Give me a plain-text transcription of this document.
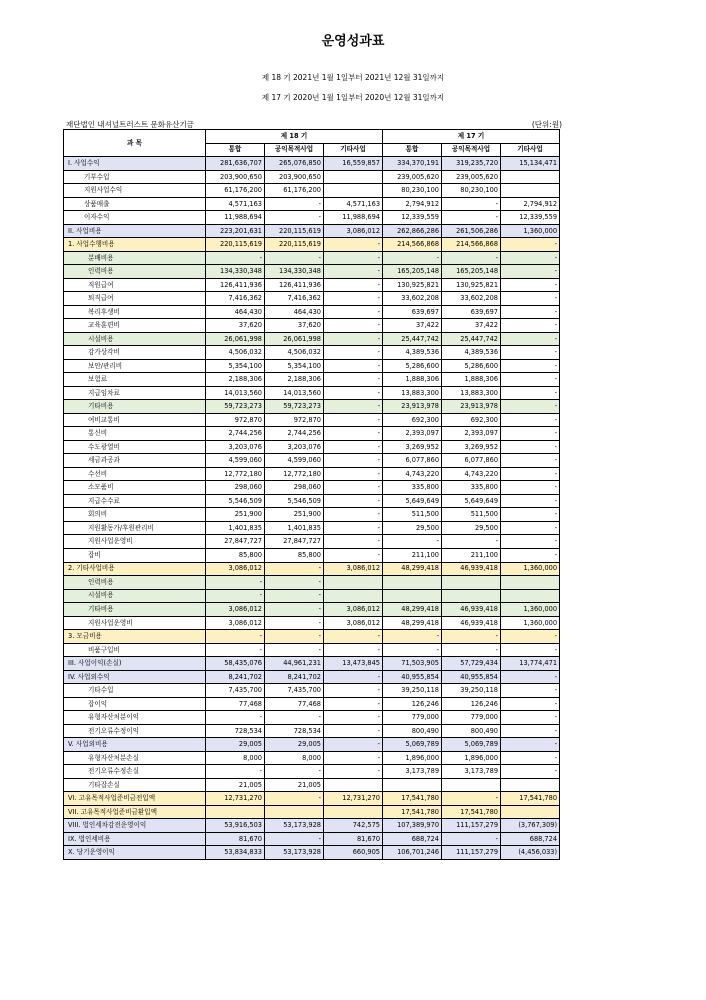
운영성과표
제 18 기 2021년 1월 1일부터 2021년 12월 31일까지
제 17 기 2020년 1월 1일부터 2020년 12월 31일까지
재단법인 내셔널트러스트 문화유산기금	(단위:원)
과 목	제 18 기			제 17 기		
	통합	공익목적사업	기타사업	통합	공익목적사업	기타사업
I. 사업수익	281,636,707	265,076,850	16,559,857	334,370,191	319,235,720	15,134,471
기부수입	203,900,650	203,900,650		239,005,620	239,005,620	
지원사업수익	61,176,200	61,176,200		80,230,100	80,230,100	
상품매출	4,571,163	-	4,571,163	2,794,912	-	2,794,912
이자수익	11,988,694	-	11,988,694	12,339,559	-	12,339,559
II. 사업비용	223,201,631	220,115,619	3,086,012	262,866,286	261,506,286	1,360,000
1. 사업수행비용	220,115,619	220,115,619	-	214,566,868	214,566,868	-
분배비용	-	-	-	-	-	-
인력비용	134,330,348	134,330,348	-	165,205,148	165,205,148	-
직원급여	126,411,936	126,411,936	-	130,925,821	130,925,821	-
퇴직급여	7,416,362	7,416,362	-	33,602,208	33,602,208	-
복리후생비	464,430	464,430	-	639,697	639,697	-
교육훈련비	37,620	37,620	-	37,422	37,422	-
시설비용	26,061,998	26,061,998	-	25,447,742	25,447,742	-
감가상각비	4,506,032	4,506,032	-	4,389,536	4,389,536	-
보안/관리비	5,354,100	5,354,100	-	5,286,600	5,286,600	-
보험료	2,188,306	2,188,306	-	1,888,306	1,888,306	-
지급임차료	14,013,560	14,013,560	-	13,883,300	13,883,300	-
기타비용	59,723,273	59,723,273	-	23,913,978	23,913,978	-
여비교통비	972,870	972,870	-	692,300	692,300	-
통신비	2,744,256	2,744,256	-	2,393,097	2,393,097	-
수도광열비	3,203,076	3,203,076	-	3,269,952	3,269,952	-
세금과공과	4,599,060	4,599,060	-	6,077,860	6,077,860	-
수선비	12,772,180	12,772,180	-	4,743,220	4,743,220	-
소모품비	298,060	298,060	-	335,800	335,800	-
지급수수료	5,546,509	5,546,509	-	5,649,649	5,649,649	-
회의비	251,900	251,900	-	511,500	511,500	-
지원활동가/후원관리비	1,401,835	1,401,835	-	29,500	29,500	-
지원사업운영비	27,847,727	27,847,727	-	-	-	-
잡비	85,800	85,800	-	211,100	211,100	-
2. 기타사업비용	3,086,012	-	3,086,012	48,299,418	46,939,418	1,360,000
인력비용	-	-				
시설비용	-	-				
기타비용	3,086,012	-	3,086,012	48,299,418	46,939,418	1,360,000
지원사업운영비	3,086,012	-	3,086,012	48,299,418	46,939,418	1,360,000
3. 모금비용	-	-	-	-	-	-
비품구입비	-	-	-	-	-	-
III. 사업이익(손실)	58,435,076	44,961,231	13,473,845	71,503,905	57,729,434	13,774,471
IV. 사업외수익	8,241,702	8,241,702	-	40,955,854	40,955,854	-
기타수입	7,435,700	7,435,700	-	39,250,118	39,250,118	-
잡이익	77,468	77,468	-	126,246	126,246	-
유형자산처분이익	-	-	-	779,000	779,000	-
전기오류수정이익	728,534	728,534	-	800,490	800,490	-
V. 사업외비용	29,005	29,005	-	5,069,789	5,069,789	-
유형자산처분손실	8,000	8,000	-	1,896,000	1,896,000	-
전기오류수정손실	-	-	-	3,173,789	3,173,789	-
기타잡손실	21,005	21,005				
VI. 고유목적사업준비금전입액	12,731,270	-	12,731,270	17,541,780	-	17,541,780
VII. 고유목적사업준비금환입액				17,541,780	17,541,780	
VIII. 법인세차감전운영이익	53,916,503	53,173,928	742,575	107,389,970	111,157,279	(3,767,309)
IX. 법인세비용	81,670	-	81,670	688,724	-	688,724
X. 당기운영이익	53,834,833	53,173,928	660,905	106,701,246	111,157,279	(4,456,033)
